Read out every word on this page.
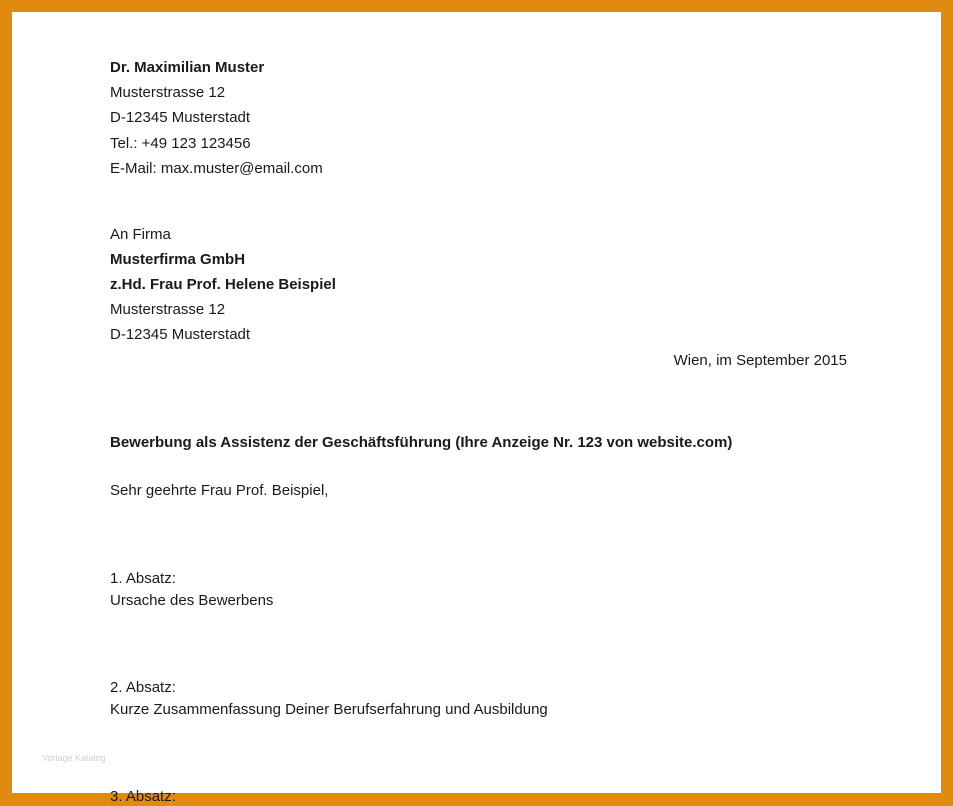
Dr. Maximilian Muster
Musterstrasse 12
D-12345 Musterstadt
Tel.: +49 123 123456
E-Mail: max.muster@email.com
An Firma
Musterfirma GmbH
z.Hd. Frau Prof. Helene Beispiel
Musterstrasse 12
D-12345 Musterstadt
Wien, im September 2015
Bewerbung als Assistenz der Geschäftsführung (Ihre Anzeige Nr. 123 von website.com)
Sehr geehrte Frau Prof. Beispiel,
1. Absatz:
Ursache des Bewerbens
2. Absatz:
Kurze Zusammenfassung Deiner Berufserfahrung und Ausbildung
3. Absatz:
Vorlage Katalog
